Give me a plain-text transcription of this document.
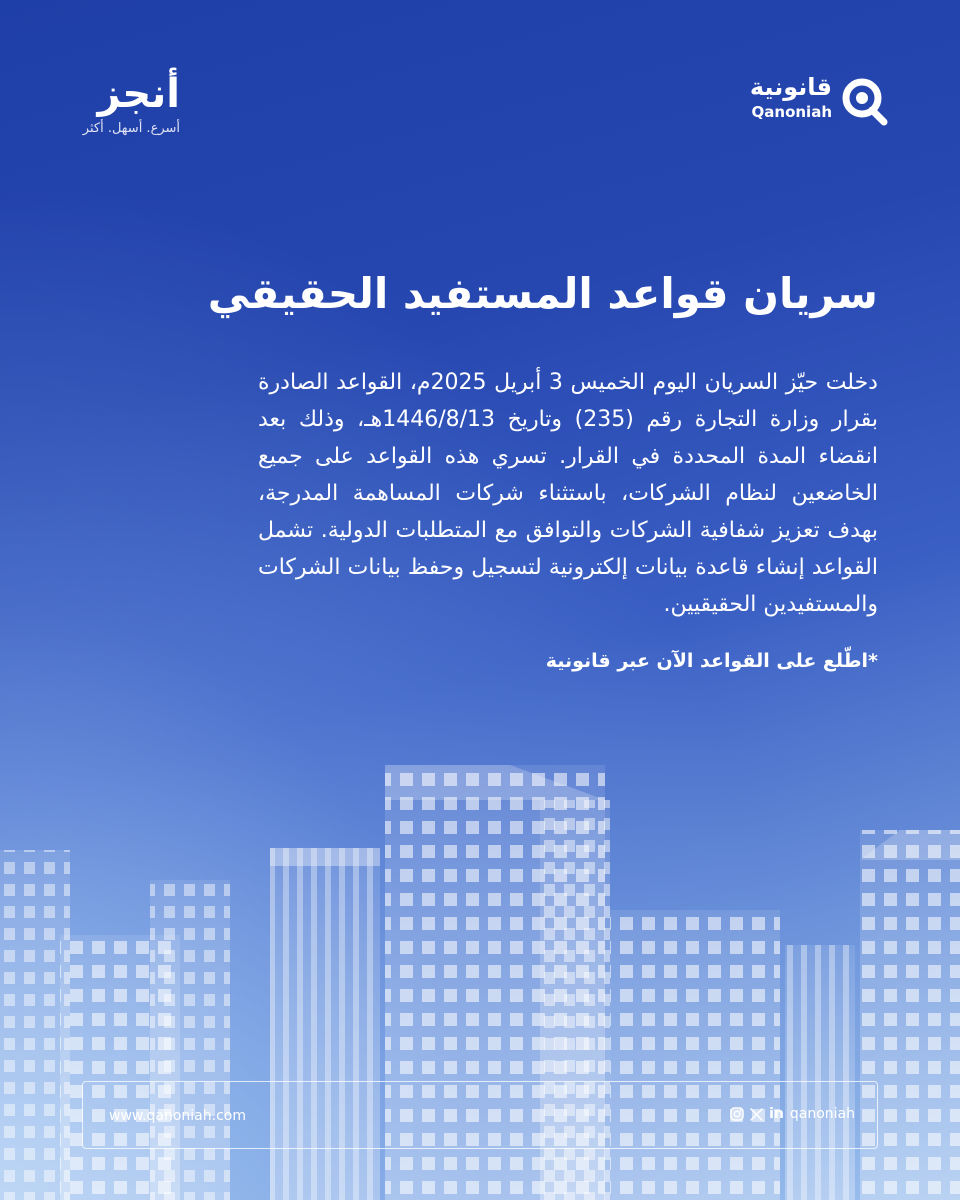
أنجز
أسرع. أسهل. أكثر
قانونية
Qanoniah
سريان قواعد المستفيد الحقيقي

دخلت حيّز السريان اليوم الخميس 3 أبريل 2025م، القواعد الصادرة بقرار وزارة التجارة رقم (235) وتاريخ 1446/8/13هـ، وذلك بعد انقضاء المدة المحددة في القرار. تسري هذه القواعد على جميع الخاضعين لنظام الشركات، باستثناء شركات المساهمة المدرجة، بهدف تعزيز شفافية الشركات والتوافق مع المتطلبات الدولية. تشمل القواعد إنشاء قاعدة بيانات إلكترونية لتسجيل وحفظ بيانات الشركات والمستفيدين الحقيقيين.

*اطّلع على القواعد الآن عبر قانونية
www.qanoniah.com	in qanoniah
